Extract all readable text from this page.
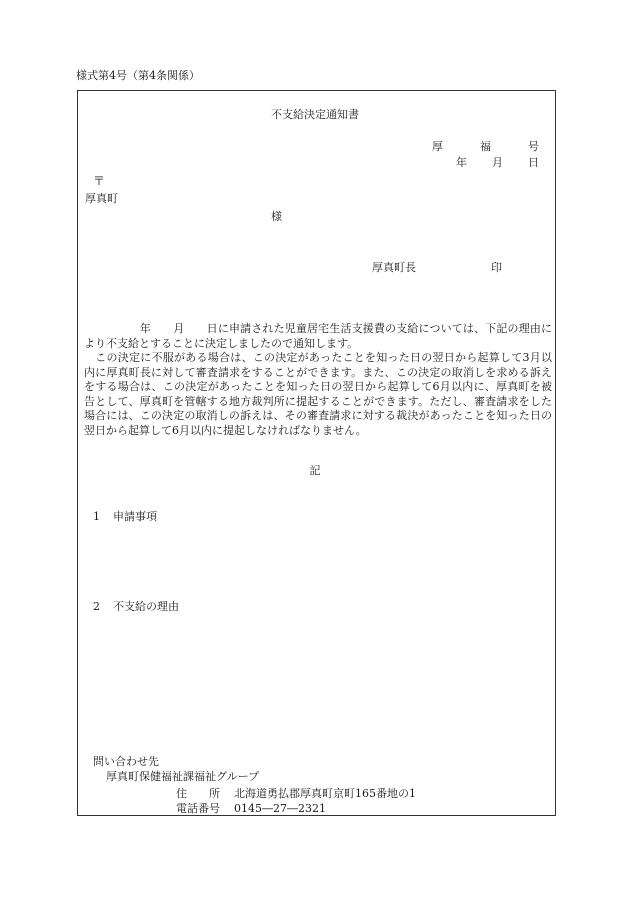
様式第4号（第4条関係）
不支給決定通知書
厚	福	号
年 月 日
〒
厚真町
様
厚真町長	印

　　　　　年　　月　　日に申請された児童居宅生活支援費の支給については、下記の理由により不支給とすることに決定しましたので通知します。

　この決定に不服がある場合は、この決定があったことを知った日の翌日から起算して3月以内に厚真町長に対して審査請求をすることができます。また、この決定の取消しを求める訴えをする場合は、この決定があったことを知った日の翌日から起算して6月以内に、厚真町を被告として、厚真町を管轄する地方裁判所に提起することができます。ただし、審査請求をした場合には、この決定の取消しの訴えは、その審査請求に対する裁決があったことを知った日の翌日から起算して6月以内に提起しなければなりません。

記
1 申請事項
2 不支給の理由
問い合わせ先
厚真町保健福祉課福祉グループ
住　　所 北海道勇払郡厚真町京町165番地の1
電話番号 0145―27―2321
